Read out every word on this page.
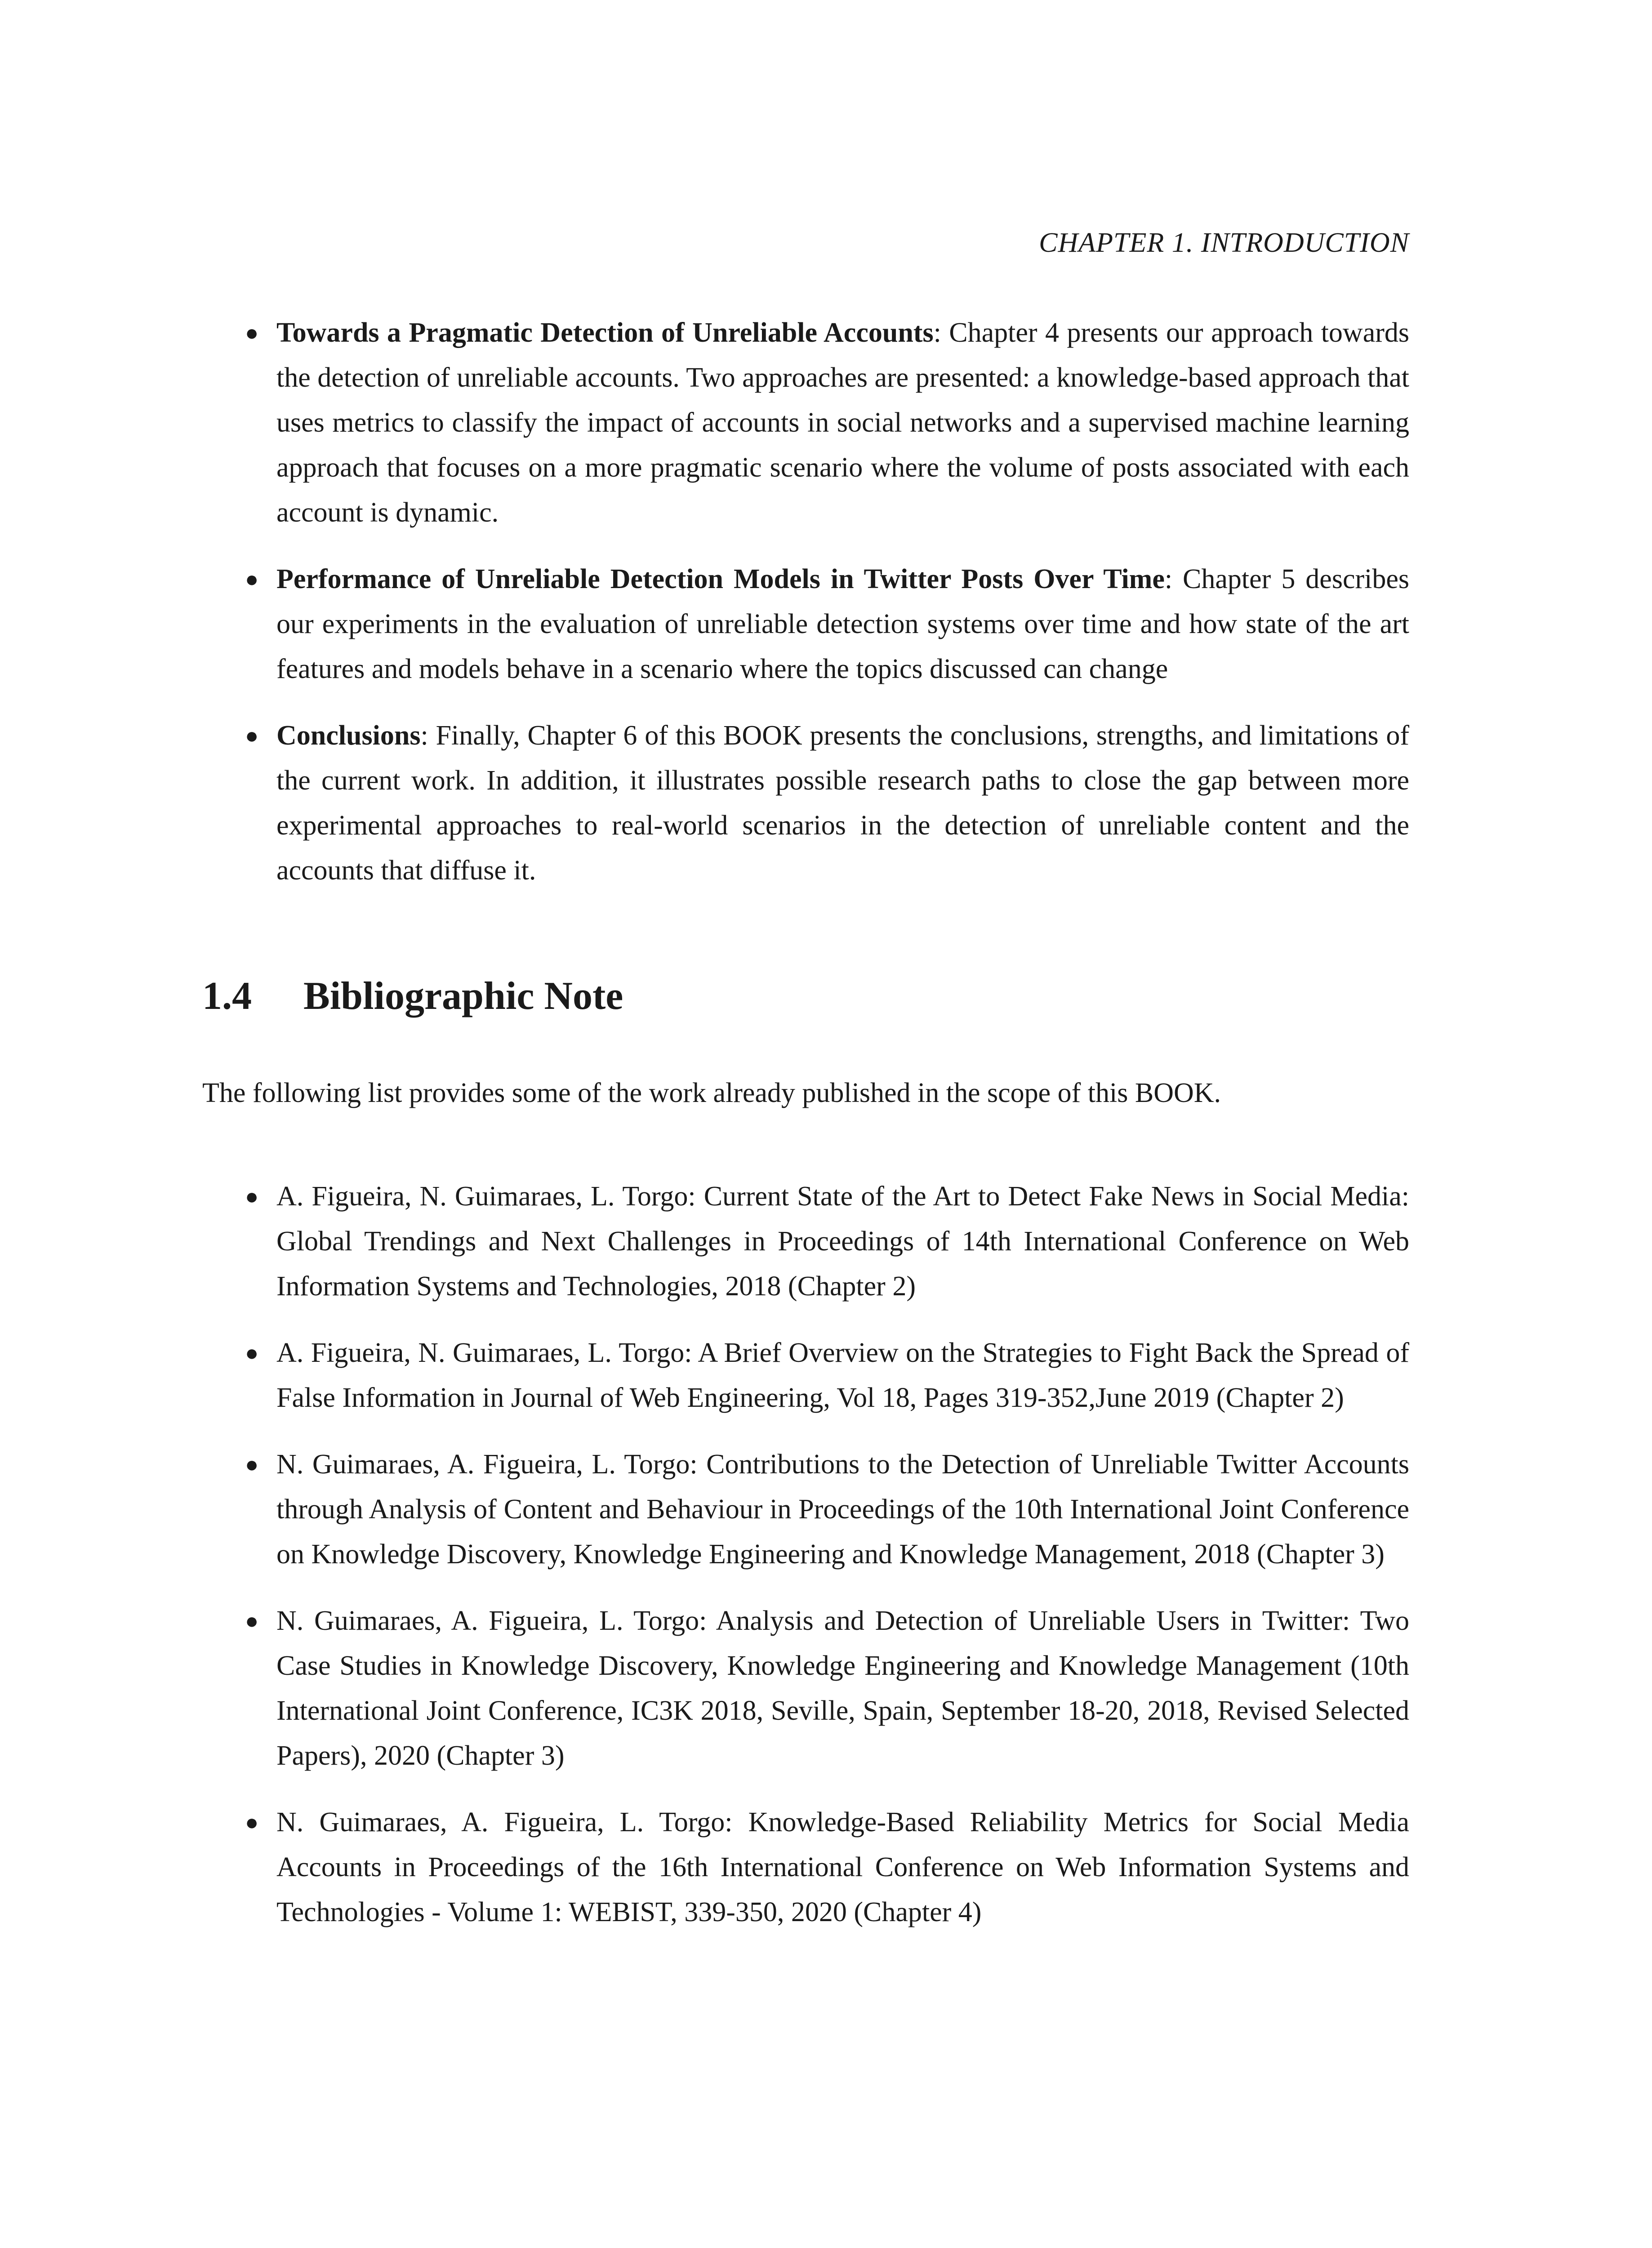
CHAPTER 1. INTRODUCTION
● Towards a Pragmatic Detection of Unreliable Accounts: Chapter 4 presents our approach towards the detection of unreliable accounts. Two approaches are presented: a knowledge-based approach that uses metrics to classify the impact of accounts in social networks and a supervised machine learning approach that focuses on a more pragmatic scenario where the volume of posts associated with each account is dynamic.
● Performance of Unreliable Detection Models in Twitter Posts Over Time: Chapter 5 describes our experiments in the evaluation of unreliable detection systems over time and how state of the art features and models behave in a scenario where the topics discussed can change
● Conclusions: Finally, Chapter 6 of this BOOK presents the conclusions, strengths, and limitations of the current work. In addition, it illustrates possible research paths to close the gap between more experimental approaches to real-world scenarios in the detection of unreliable content and the accounts that diffuse it.
1.4 Bibliographic Note
The following list provides some of the work already published in the scope of this BOOK.
● A. Figueira, N. Guimaraes, L. Torgo: Current State of the Art to Detect Fake News in Social Media: Global Trendings and Next Challenges in Proceedings of 14th International Conference on Web Information Systems and Technologies, 2018 (Chapter 2)
● A. Figueira, N. Guimaraes, L. Torgo: A Brief Overview on the Strategies to Fight Back the Spread of False Information in Journal of Web Engineering, Vol 18, Pages 319-352,June 2019 (Chapter 2)
● N. Guimaraes, A. Figueira, L. Torgo: Contributions to the Detection of Unreliable Twitter Accounts through Analysis of Content and Behaviour in Proceedings of the 10th International Joint Conference on Knowledge Discovery, Knowledge Engineering and Knowledge Management, 2018 (Chapter 3)
● N. Guimaraes, A. Figueira, L. Torgo: Analysis and Detection of Unreliable Users in Twitter: Two Case Studies in Knowledge Discovery, Knowledge Engineering and Knowledge Management (10th International Joint Conference, IC3K 2018, Seville, Spain, September 18-20, 2018, Revised Selected Papers), 2020 (Chapter 3)
● N. Guimaraes, A. Figueira, L. Torgo: Knowledge-Based Reliability Metrics for Social Media Accounts in Proceedings of the 16th International Conference on Web Information Systems and Technologies - Volume 1: WEBIST, 339-350, 2020 (Chapter 4)
